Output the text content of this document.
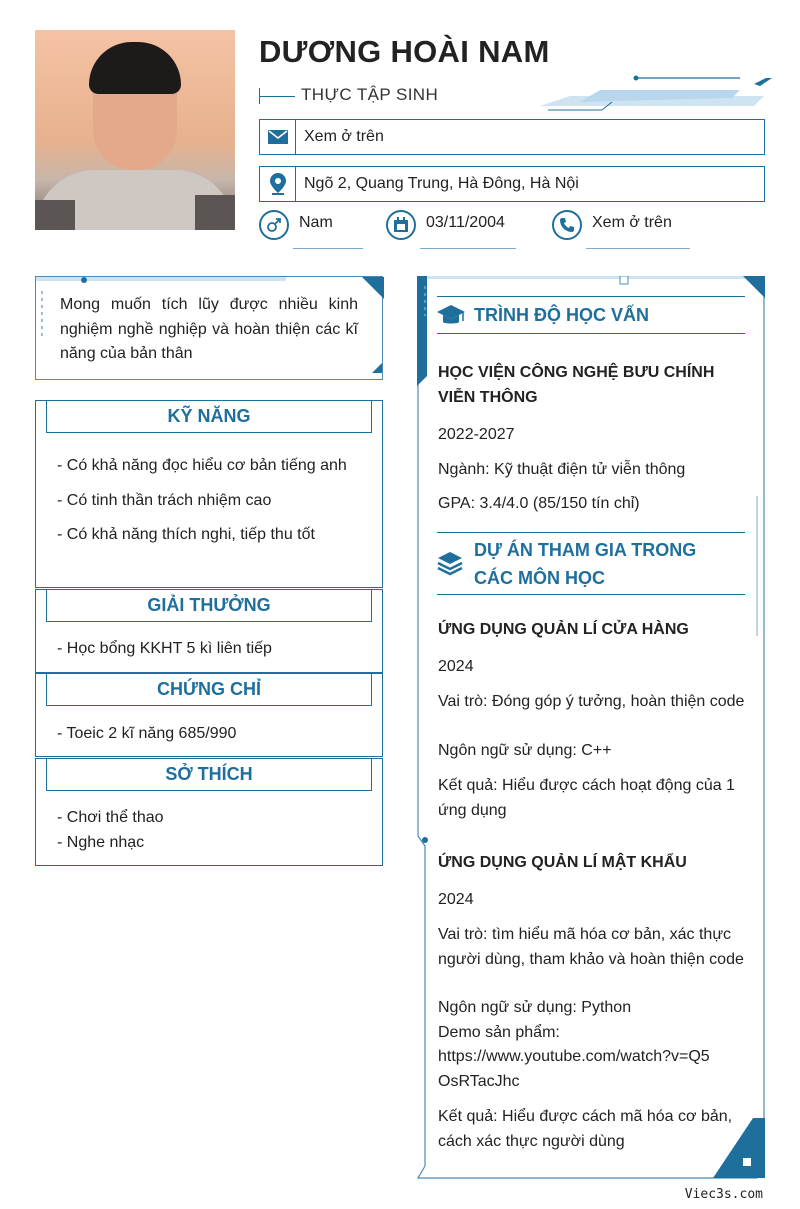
DƯƠNG HOÀI NAM
THỰC TẬP SINH
Xem ở trên
Ngõ 2, Quang Trung, Hà Đông, Hà Nội
Nam	03/11/2004	Xem ở trên
Mong muốn tích lũy được nhiều kinh nghiệm nghề nghiệp và hoàn thiện các kĩ năng của bản thân
KỸ NĂNG

- Có khả năng đọc hiểu cơ bản tiếng anh

- Có tinh thần trách nhiệm cao

- Có khả năng thích nghi, tiếp thu tốt

GIẢI THƯỞNG

- Học bổng KKHT 5 kì liên tiếp

CHỨNG CHỈ

- Toeic 2 kĩ năng 685/990

SỞ THÍCH

- Chơi thể thao

- Nghe nhạc

TRÌNH ĐỘ HỌC VẤN
HỌC VIỆN CÔNG NGHỆ BƯU CHÍNH VIỄN THÔNG
2022-2027
Ngành: Kỹ thuật điện tử viễn thông
GPA: 3.4/4.0 (85/150 tín chỉ)
DỰ ÁN THAM GIA TRONG
CÁC MÔN HỌC
ỨNG DỤNG QUẢN LÍ CỬA HÀNG
2024
Vai trò: Đóng góp ý tưởng, hoàn thiện code
Ngôn ngữ sử dụng: C++
Kết quả: Hiểu được cách hoạt động của 1 ứng dụng
ỨNG DỤNG QUẢN LÍ MẬT KHẨU
2024
Vai trò: tìm hiểu mã hóa cơ bản, xác thực người dùng, tham khảo và hoàn thiện code
Ngôn ngữ sử dụng: Python
Demo sản phẩm:
https://www.youtube.com/watch?v=Q5OsRTacJhc
Kết quả: Hiểu được cách mã hóa cơ bản, cách xác thực người dùng
Viec3s.com
